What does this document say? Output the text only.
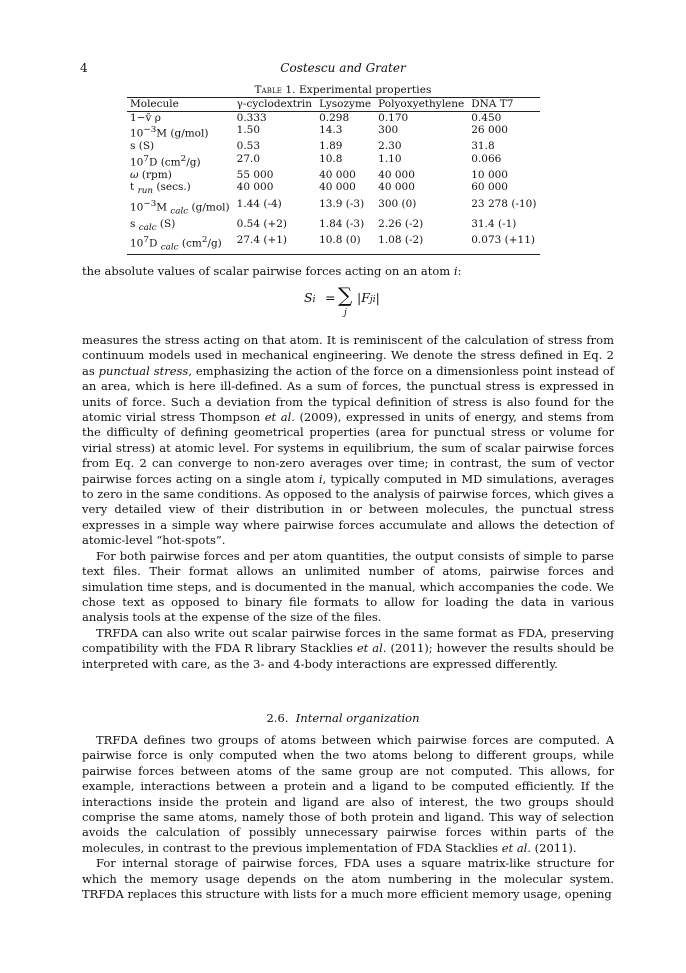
4	Costescu and Grater
Table 1. Experimental properties
Molecule	γ-cyclodextrin	Lysozyme	Polyoxyethylene	DNA T7
1−v̄ ρ	0.333	0.298	0.170	0.450
$10^{-3}M$ (g/mol)	1.50	14.3	300	26 000
s (S)	0.53	1.89	2.30	31.8
$10^7D$ $(cm^2/g)$	27.0	10.8	1.10	0.066
ω (rpm)	55 000	40 000	40 000	10 000
t $_{run}$ (secs.)	40 000	40 000	40 000	60 000
$10^{-3}M$ $_{calc}$ (g/mol)	1.44 (-4)	13.9 (-3)	300 (0)	23 278 (-10)
s $_{calc}$ (S)	0.54 (+2)	1.84 (-3)	2.26 (-2)	31.4 (-1)
$10^7D$ $_{calc}$ $(cm^2/g)$	27.4 (+1)	10.8 (0)	1.08 (-2)	0.073 (+11)

the absolute values of scalar pairwise forces acting on an atom i:

Si = ∑
j
|Fji|

measures the stress acting on that atom. It is reminiscent of the calculation of stress from continuum models used in mechanical engineering. We denote the stress defined in Eq. 2 as punctual stress, emphasizing the action of the force on a dimensionless point instead of an area, which is here ill-defined. As a sum of forces, the punctual stress is expressed in units of force. Such a deviation from the typical definition of stress is also found for the atomic virial stress Thompson et al. (2009), expressed in units of energy, and stems from the difficulty of defining geometrical properties (area for punctual stress or volume for virial stress) at atomic level. For systems in equilibrium, the sum of scalar pairwise forces from Eq. 2 can converge to non-zero averages over time; in contrast, the sum of vector pairwise forces acting on a single atom i, typically computed in MD simulations, averages to zero in the same conditions. As opposed to the analysis of pairwise forces, which gives a very detailed view of their distribution in or between molecules, the punctual stress expresses in a simple way where pairwise forces accumulate and allows the detection of atomic-level “hot-spots”.

For both pairwise forces and per atom quantities, the output consists of simple to parse text files. Their format allows an unlimited number of atoms, pairwise forces and simulation time steps, and is documented in the manual, which accompanies the code. We chose text as opposed to binary file formats to allow for loading the data in various analysis tools at the expense of the size of the files.

TRFDA can also write out scalar pairwise forces in the same format as FDA, preserving compatibility with the FDA R library Stacklies et al. (2011); however the results should be interpreted with care, as the 3- and 4-body interactions are expressed differently.

2.6. Internal organization

TRFDA defines two groups of atoms between which pairwise forces are computed. A pairwise force is only computed when the two atoms belong to different groups, while pairwise forces between atoms of the same group are not computed. This allows, for example, interactions between a protein and a ligand to be computed efficiently. If the interactions inside the protein and ligand are also of interest, the two groups should comprise the same atoms, namely those of both protein and ligand. This way of selection avoids the calculation of possibly unnecessary pairwise forces within parts of the molecules, in contrast to the previous implementation of FDA Stacklies et al. (2011).

For internal storage of pairwise forces, FDA uses a square matrix-like structure for which the memory usage depends on the atom numbering in the molecular system. TRFDA replaces this structure with lists for a much more efficient memory usage, opening
